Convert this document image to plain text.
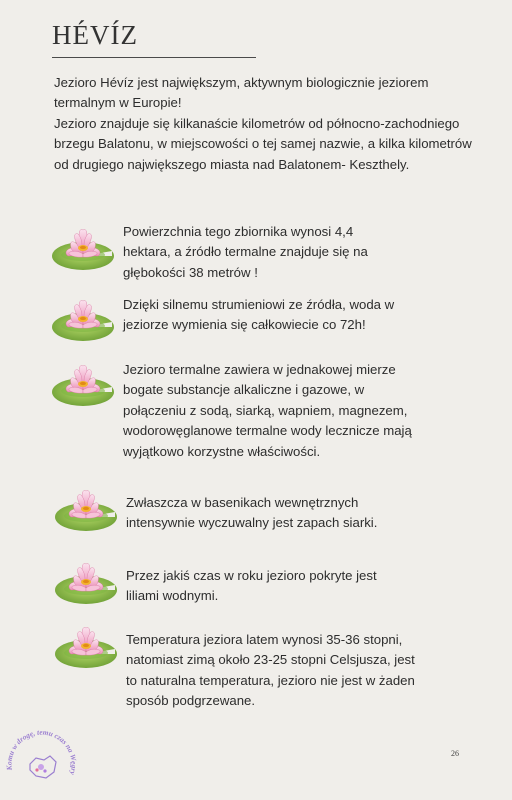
HÉVÍZ

Jezioro Hévíz jest największym, aktywnym biologicznie jeziorem termalnym w Europie!

Jezioro znajduje się kilkanaście kilometrów od północno-zachodniego brzegu Balatonu, w miejscowości o tej samej nazwie, a kilka kilometrów od drugiego największego miasta nad Balatonem- Keszthely.

Powierzchnia tego zbiornika wynosi 4,4 hektara, a źródło termalne znajduje się na głębokości 38 metrów !

Dzięki silnemu strumieniowi ze źródła, woda w jeziorze wymienia się całkowiecie co 72h!

Jezioro termalne zawiera w jednakowej mierze bogate substancje alkaliczne i gazowe, w połączeniu z sodą, siarką, wapniem, magnezem, wodorowęglanowe termalne wody lecznicze mają wyjątkowo korzystne właściwości.

Zwłaszcza w basenikach wewnętrznych intensywnie wyczuwalny jest zapach siarki.

Przez jakiś czas w roku jezioro pokryte jest liliami wodnymi.

Temperatura jeziora latem wynosi 35-36 stopni, natomiast zimą około 23-25 stopni Celsjusza, jest to naturalna temperatura, jezioro nie jest w żaden sposób podgrzewane.

26
Komu w drogę, temu czas na Węgry
